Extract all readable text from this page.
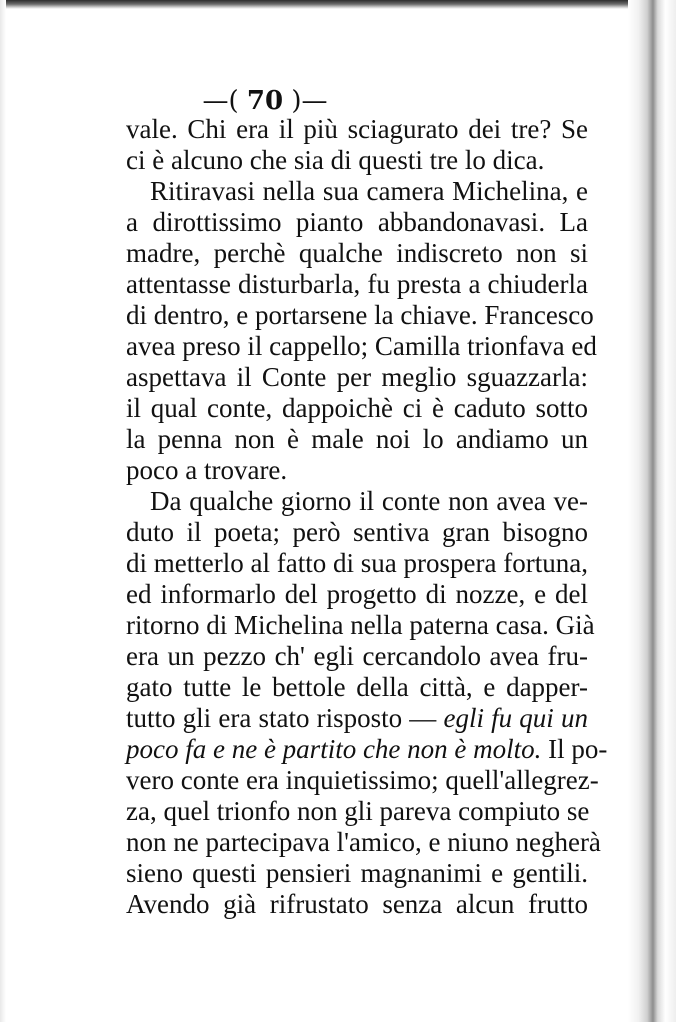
—( 70 )—
vale. Chi era il più sciagurato dei tre? Se
ci è alcuno che sia di questi tre lo dica.
Ritiravasi nella sua camera Michelina, e
a dirottissimo pianto abbandonavasi. La
madre, perchè qualche indiscreto non si
attentasse disturbarla, fu presta a chiuderla
di dentro, e portarsene la chiave. Francesco
avea preso il cappello; Camilla trionfava ed
aspettava il Conte per meglio sguazzarla:
il qual conte, dappoichè ci è caduto sotto
la penna non è male noi lo andiamo un
poco a trovare.
Da qualche giorno il conte non avea ve-
duto il poeta; però sentiva gran bisogno
di metterlo al fatto di sua prospera fortuna,
ed informarlo del progetto di nozze, e del
ritorno di Michelina nella paterna casa. Già
era un pezzo ch' egli cercandolo avea fru-
gato tutte le bettole della città, e dapper-
tutto gli era stato risposto — egli fu qui un
poco fa e ne è partito che non è molto. Il po-
vero conte era inquietissimo; quell'allegrez-
za, quel trionfo non gli pareva compiuto se
non ne partecipava l'amico, e niuno negherà
sieno questi pensieri magnanimi e gentili.
Avendo già rifrustato senza alcun frutto
